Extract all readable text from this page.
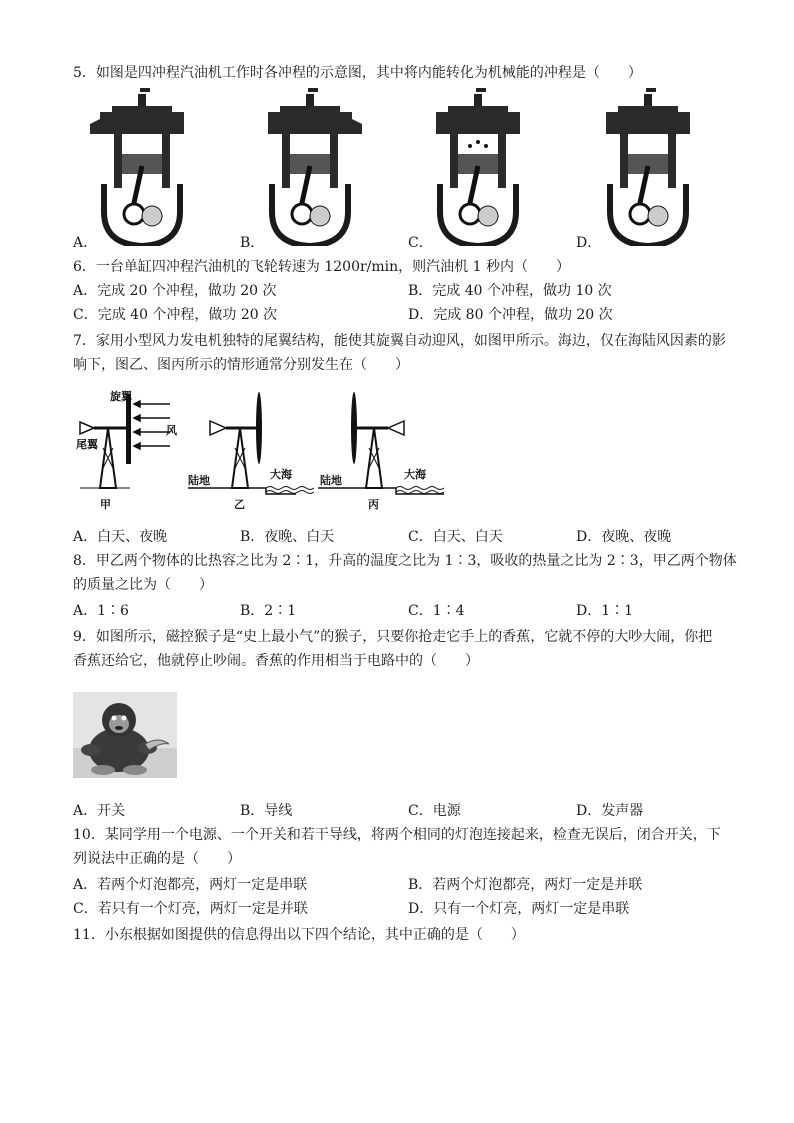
5．如图是四冲程汽油机工作时各冲程的示意图，其中将内能转化为机械能的冲程是（　　）
A．	B．	C．	D．
6．一台单缸四冲程汽油机的飞轮转速为 1200r/min，则汽油机 1 秒内（　　）
A．完成 20 个冲程，做功 20 次	B．完成 40 个冲程，做功 10 次
C．完成 40 个冲程，做功 20 次	D．完成 80 个冲程，做功 20 次
7．家用小型风力发电机独特的尾翼结构，能使其旋翼自动迎风，如图甲所示。海边，仅在海陆风因素的影
响下，图乙、图丙所示的情形通常分别发生在（　　）
旋翼
尾翼
风
甲
陆地	大海
乙
陆地	大海
丙
A．白天、夜晚	B．夜晚、白天	C．白天、白天	D．夜晚、夜晚
8．甲乙两个物体的比热容之比为 2∶1，升高的温度之比为 1∶3，吸收的热量之比为 2∶3，甲乙两个物体
的质量之比为（　　）
A．1∶6	B．2∶1	C．1∶4	D．1∶1
9．如图所示，磁控猴子是“史上最小气”的猴子，只要你抢走它手上的香蕉，它就不停的大吵大闹，你把
香蕉还给它，他就停止吵闹。香蕉的作用相当于电路中的（　　）
A．开关	B．导线	C．电源	D．发声器
10．某同学用一个电源、一个开关和若干导线，将两个相同的灯泡连接起来，检查无误后，闭合开关，下
列说法中正确的是（　　）
A．若两个灯泡都亮，两灯一定是串联	B．若两个灯泡都亮，两灯一定是并联
C．若只有一个灯亮，两灯一定是并联	D．只有一个灯亮，两灯一定是串联
11．小东根据如图提供的信息得出以下四个结论，其中正确的是（　　）
